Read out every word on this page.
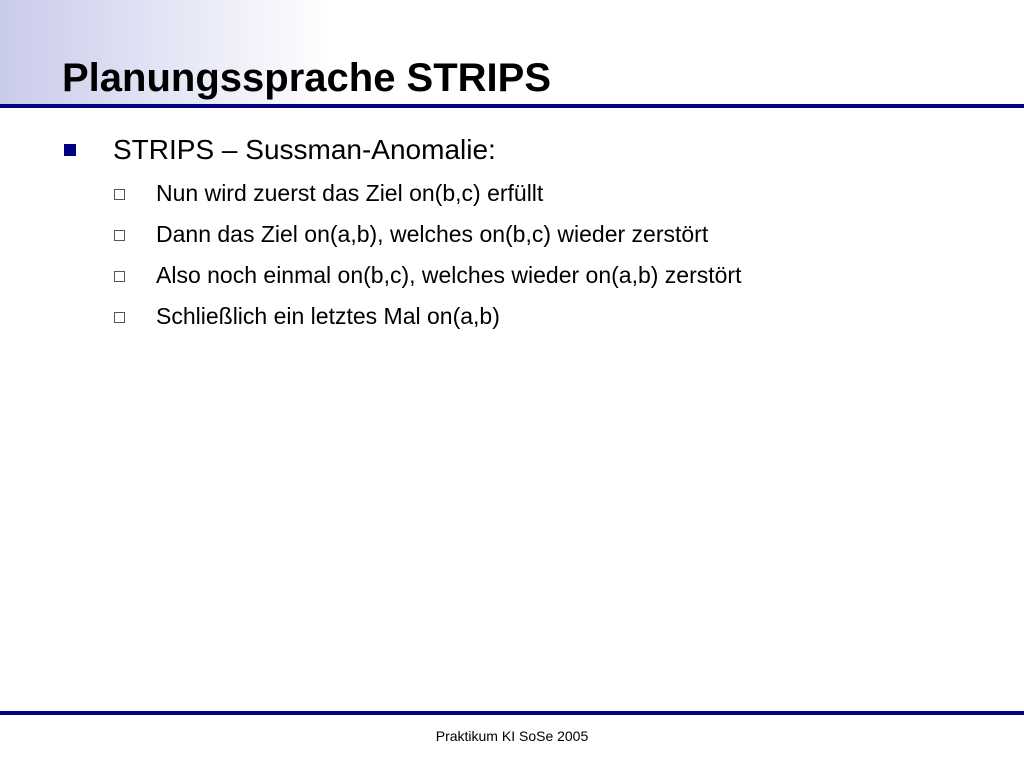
Planungssprache STRIPS
STRIPS – Sussman-Anomalie:
Nun wird zuerst das Ziel on(b,c) erfüllt
Dann das Ziel on(a,b), welches on(b,c) wieder zerstört
Also noch einmal on(b,c), welches wieder on(a,b) zerstört
Schließlich ein letztes Mal on(a,b)
Praktikum KI SoSe 2005
